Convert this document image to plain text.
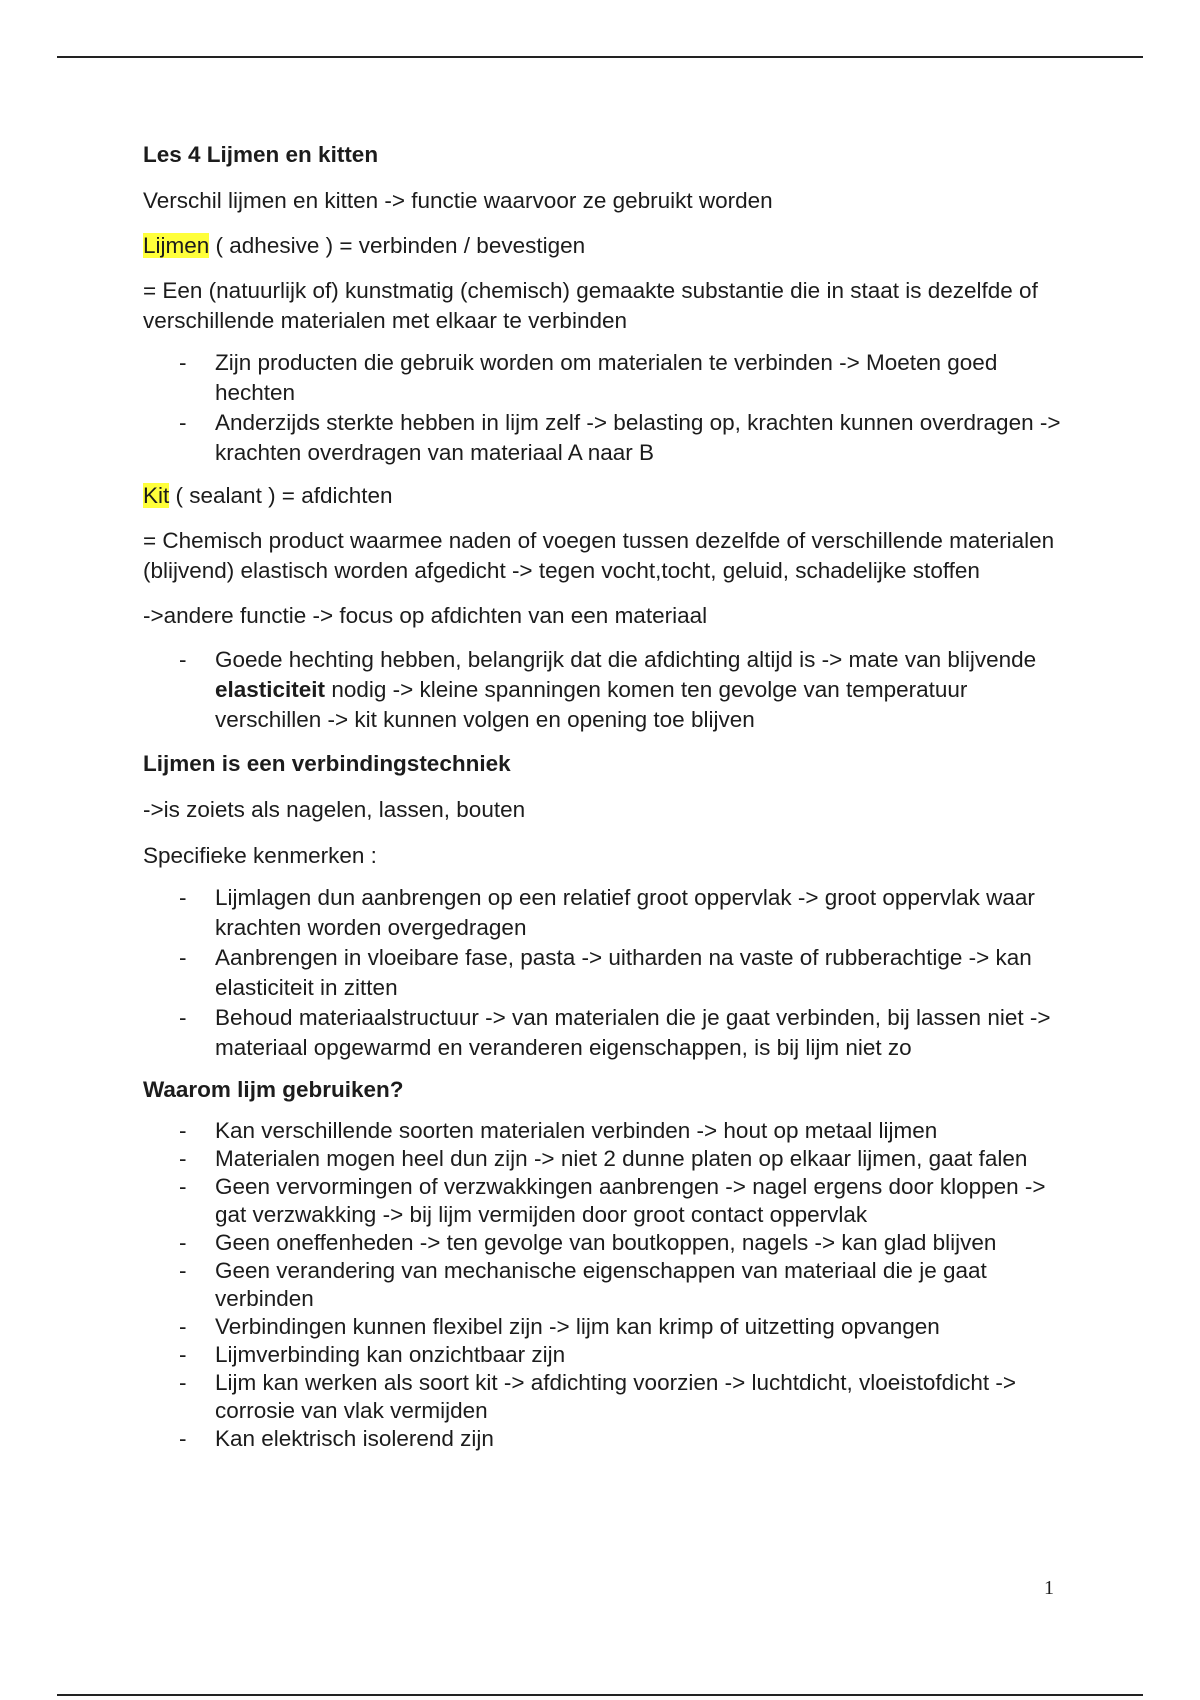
Les 4 Lijmen en kitten

Verschil lijmen en kitten -> functie waarvoor ze gebruikt worden

Lijmen ( adhesive ) = verbinden / bevestigen

= Een (natuurlijk of) kunstmatig (chemisch) gemaakte substantie die in staat is dezelfde of verschillende materialen met elkaar te verbinden

- Zijn producten die gebruik worden om materialen te verbinden -> Moeten goed hechten
- Anderzijds sterkte hebben in lijm zelf -> belasting op, krachten kunnen overdragen -> krachten overdragen van materiaal A naar B

Kit ( sealant ) = afdichten

= Chemisch product waarmee naden of voegen tussen dezelfde of verschillende materialen (blijvend) elastisch worden afgedicht -> tegen vocht,tocht, geluid, schadelijke stoffen

->andere functie -> focus op afdichten van een materiaal

- Goede hechting hebben, belangrijk dat die afdichting altijd is -> mate van blijvende elasticiteit nodig -> kleine spanningen komen ten gevolge van temperatuur verschillen -> kit kunnen volgen en opening toe blijven

Lijmen is een verbindingstechniek

->is zoiets als nagelen, lassen, bouten

Specifieke kenmerken :

- Lijmlagen dun aanbrengen op een relatief groot oppervlak -> groot oppervlak waar krachten worden overgedragen
- Aanbrengen in vloeibare fase, pasta -> uitharden na vaste of rubberachtige -> kan elasticiteit in zitten
- Behoud materiaalstructuur -> van materialen die je gaat verbinden, bij lassen niet -> materiaal opgewarmd en veranderen eigenschappen, is bij lijm niet zo

Waarom lijm gebruiken?

- Kan verschillende soorten materialen verbinden -> hout op metaal lijmen
- Materialen mogen heel dun zijn -> niet 2 dunne platen op elkaar lijmen, gaat falen
- Geen vervormingen of verzwakkingen aanbrengen -> nagel ergens door kloppen -> gat verzwakking -> bij lijm vermijden door groot contact oppervlak
- Geen oneffenheden -> ten gevolge van boutkoppen, nagels -> kan glad blijven
- Geen verandering van mechanische eigenschappen van materiaal die je gaat verbinden
- Verbindingen kunnen flexibel zijn -> lijm kan krimp of uitzetting opvangen
- Lijmverbinding kan onzichtbaar zijn
- Lijm kan werken als soort kit -> afdichting voorzien -> luchtdicht, vloeistofdicht -> corrosie van vlak vermijden
- Kan elektrisch isolerend zijn
1
